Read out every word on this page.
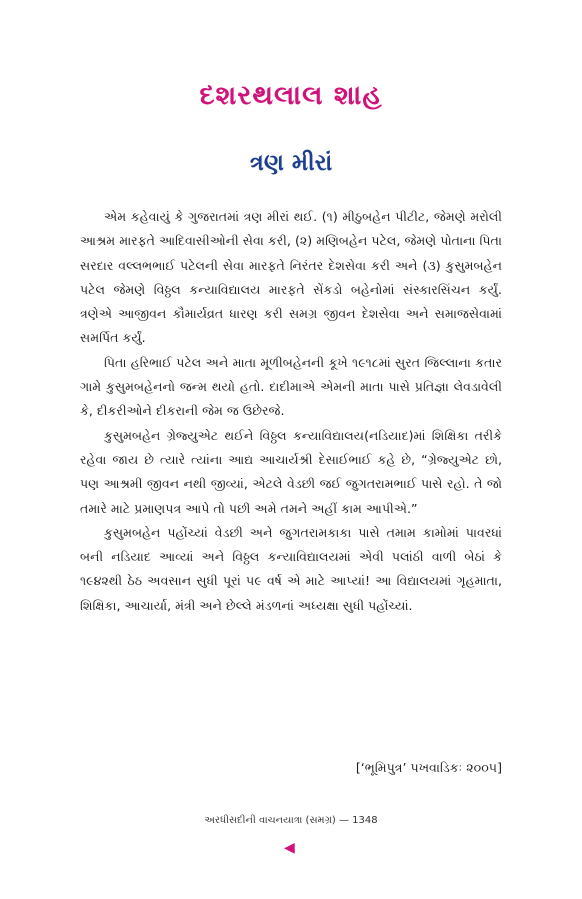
દશરથલાલ શાહ
ત્રણ મીરાં

એમ કહેવાયું કે ગુજરાતમાં ત્રણ મીરાં થઈ. (૧) મીઠુબહેન પીટીટ, જેમણે મરોલી આશ્રમ મારફતે આદિવાસીઓની સેવા કરી, (૨) મણિબહેન પટેલ, જેમણે પોતાના પિતા સરદાર વલ્લભભાઈ પટેલની સેવા મારફતે નિરંતર દેશસેવા કરી અને (૩) કુસુમબહેન પટેલ જેમણે વિઠ્ઠલ કન્યાવિદ્યાલય મારફતે સેંકડો બહેનોમાં સંસ્કારસિંચન કર્યું. ત્રણેએ આજીવન કૌમાર્યવ્રત ધારણ કરી સમગ્ર જીવન દેશસેવા અને સમાજસેવામાં સમર્પિત કર્યું.

પિતા હરિભાઈ પટેલ અને માતા મૂળીબહેનની કૂખે ૧૯૧૮માં સુરત જિલ્લાના કતાર ગામે કુસુમબહેનનો જન્મ થયો હતો. દાદીમાએ એમની માતા પાસે પ્રતિજ્ઞા લેવડાવેલી કે, દીકરીઓને દીકરાની જેમ જ ઉછેરજે.

કુસુમબહેન ગ્રેજ્યુએટ થઈને વિઠ્ઠલ કન્યાવિદ્યાલય(નડિયાદ)માં શિક્ષિકા તરીકે રહેવા જાય છે ત્યારે ત્યાંના આદ્ય આચાર્યશ્રી દેસાઈભાઈ કહે છે, “ગ્રેજ્યુએટ છો, પણ આશ્રમી જીવન નથી જીવ્યાં, એટલે વેડછી જઈ જુગતરામભાઈ પાસે રહો. તે જો તમારે માટે પ્રમાણપત્ર આપે તો પછી અમે તમને અહીં કામ આપીએ.”

કુસુમબહેન પહોંચ્યાં વેડછી અને જુગતરામકાકા પાસે તમામ કામોમાં પાવરધાં બની નડિયાદ આવ્યાં અને વિઠ્ઠલ કન્યાવિદ્યાલયમાં એવી પલાંઠી વાળી બેઠાં કે ૧૯૪૨થી ઠેઠ અવસાન સુધી પૂરાં ૫૯ વર્ષ એ માટે આપ્યાં! આ વિદ્યાલયમાં ગૃહમાતા, શિક્ષિકા, આચાર્યા, મંત્રી અને છેલ્લે મંડળનાં અધ્યક્ષા સુધી પહોંચ્યાં.

[‘ભૂમિપુત્ર’ પખવાડિકઃ ૨૦૦૫]
અરધીસદીની વાચનયાત્રા (સમગ્ર) — 1348
◀
